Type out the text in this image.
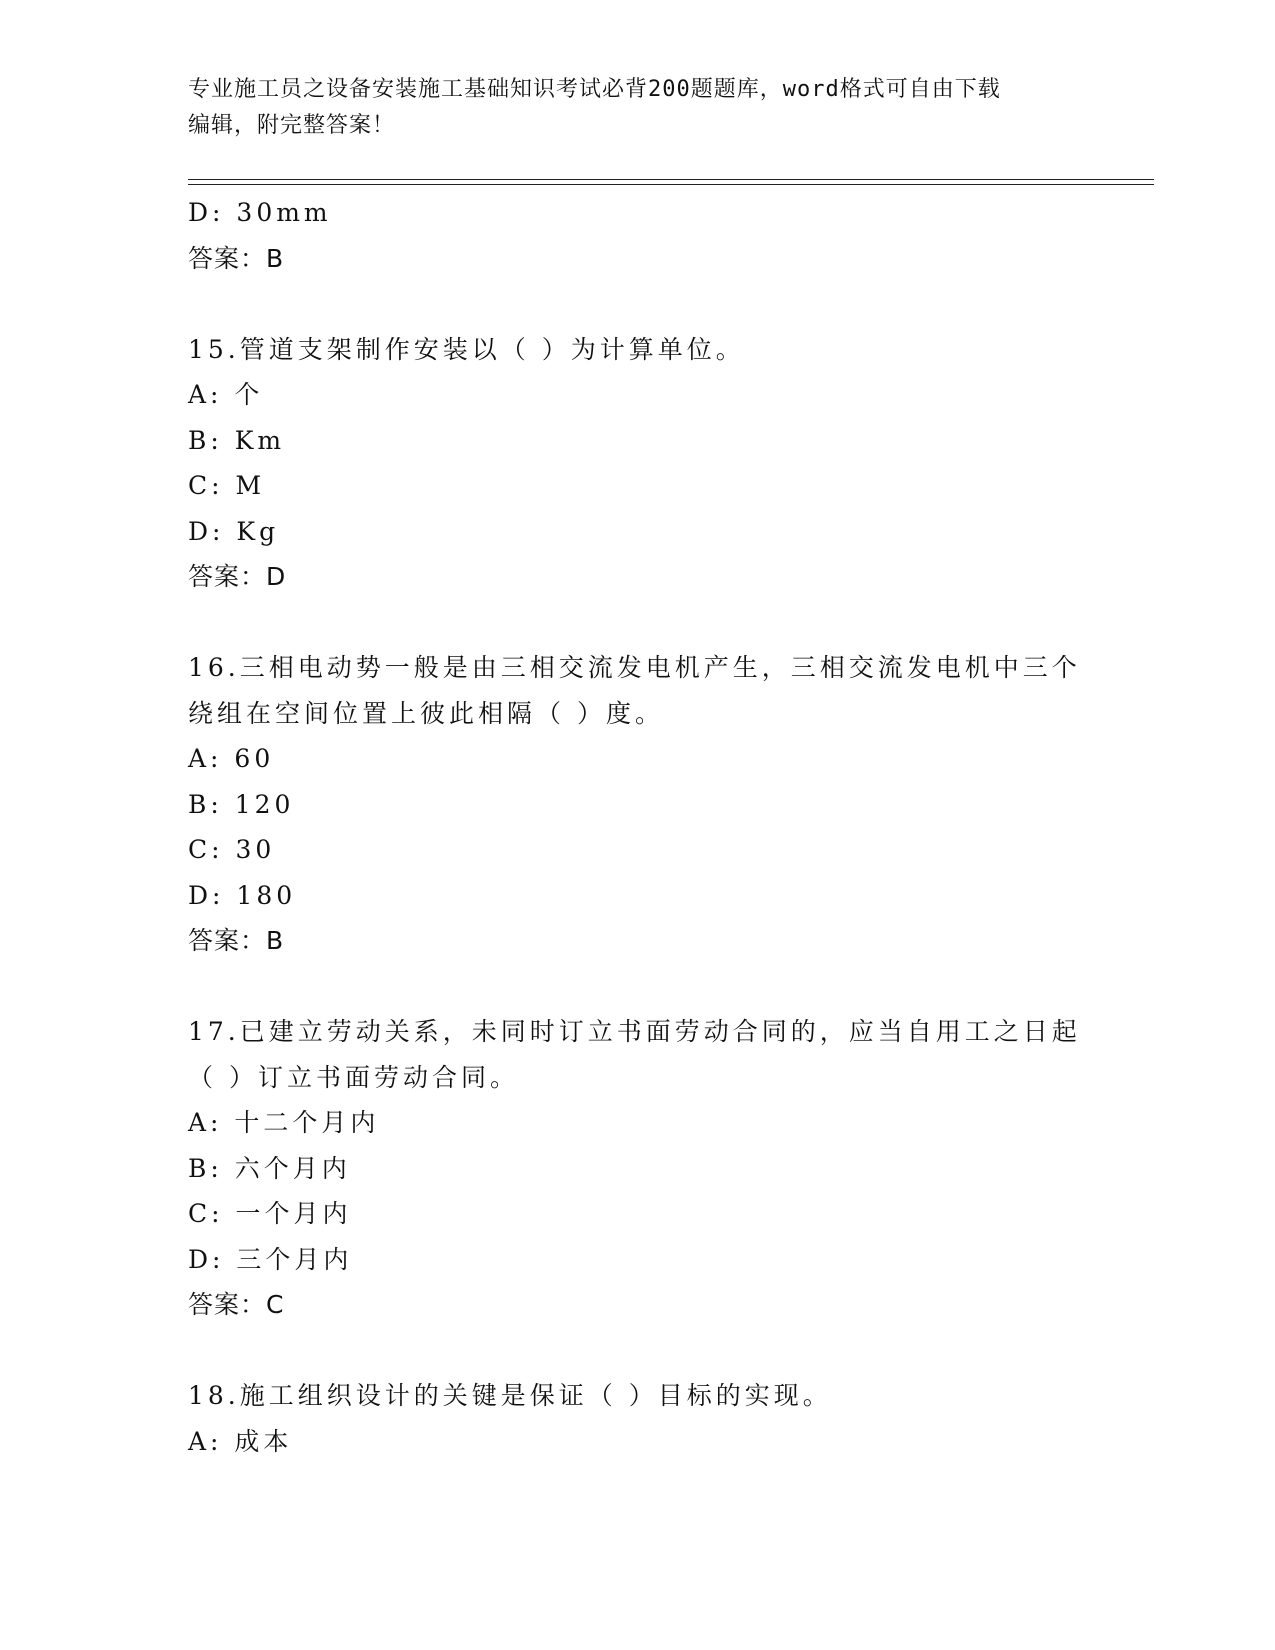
专业施工员之设备安装施工基础知识考试必背200题题库，word格式可自由下载
编辑，附完整答案！
D: 30mm
答案：B
15.管道支架制作安装以（ ）为计算单位。
A: 个
B: Km
C: M
D: Kg
答案：D
16.三相电动势一般是由三相交流发电机产生，三相交流发电机中三个
绕组在空间位置上彼此相隔（ ）度。
A: 60
B: 120
C: 30
D: 180
答案：B
17.已建立劳动关系，未同时订立书面劳动合同的，应当自用工之日起
（ ）订立书面劳动合同。
A: 十二个月内
B: 六个月内
C: 一个月内
D: 三个月内
答案：C
18.施工组织设计的关键是保证（ ）目标的实现。
A: 成本
